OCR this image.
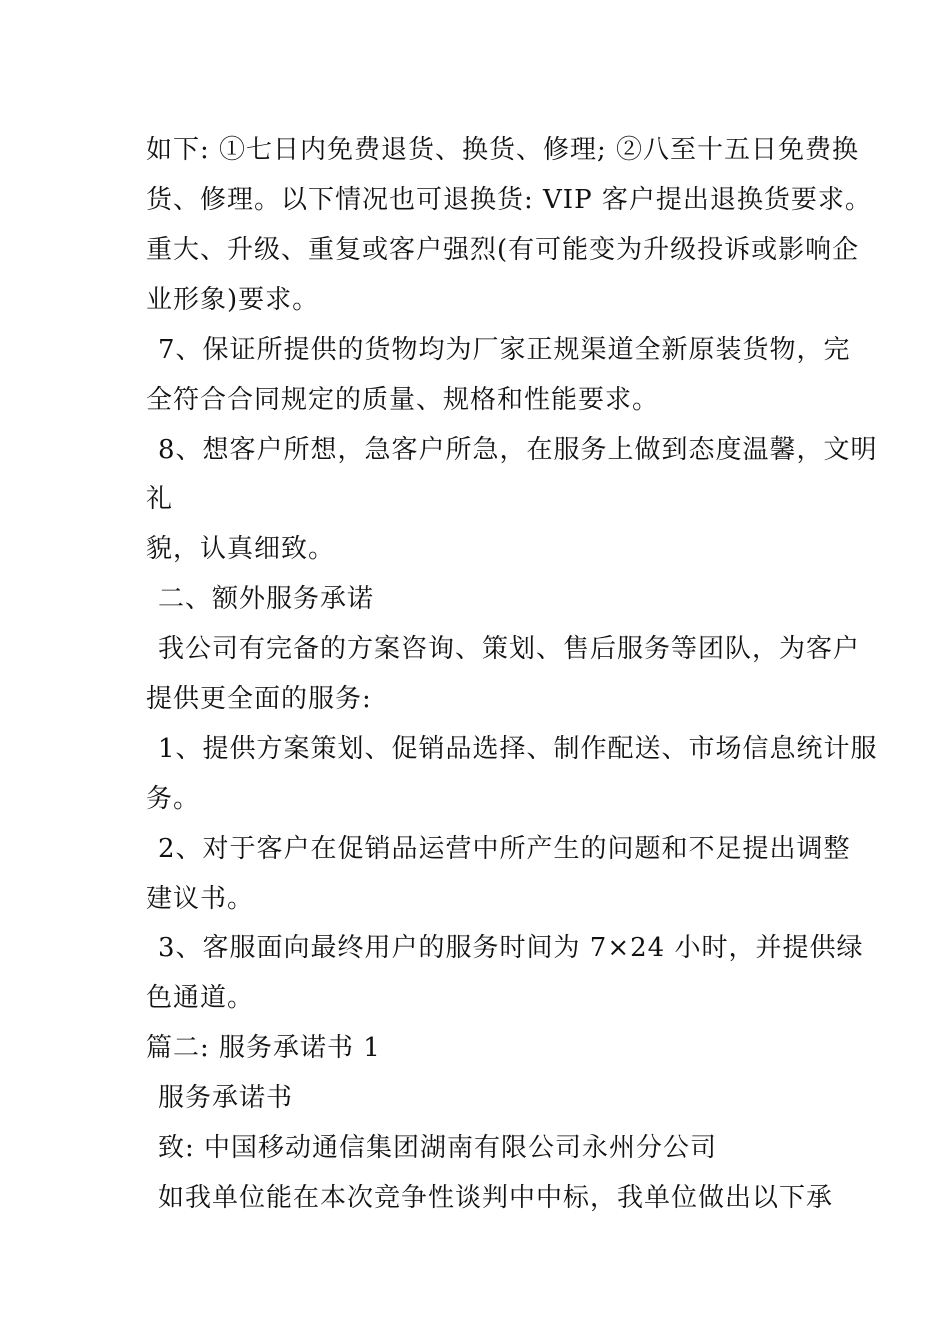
如下: ①七日内免费退货、换货、修理; ②八至十五日免费换
货、修理。以下情况也可退换货: VIP 客户提出退换货要求。
重大、升级、重复或客户强烈(有可能变为升级投诉或影响企
业形象)要求。
7、保证所提供的货物均为厂家正规渠道全新原装货物，完
全符合合同规定的质量、规格和性能要求。
8、想客户所想，急客户所急，在服务上做到态度温馨，文明
礼
貌，认真细致。
二、额外服务承诺
我公司有完备的方案咨询、策划、售后服务等团队，为客户
提供更全面的服务:
1、提供方案策划、促销品选择、制作配送、市场信息统计服
务。
2、对于客户在促销品运营中所产生的问题和不足提出调整
建议书。
3、客服面向最终用户的服务时间为 7×24 小时，并提供绿
色通道。
篇二: 服务承诺书 1
服务承诺书
致: 中国移动通信集团湖南有限公司永州分公司
如我单位能在本次竞争性谈判中中标，我单位做出以下承
